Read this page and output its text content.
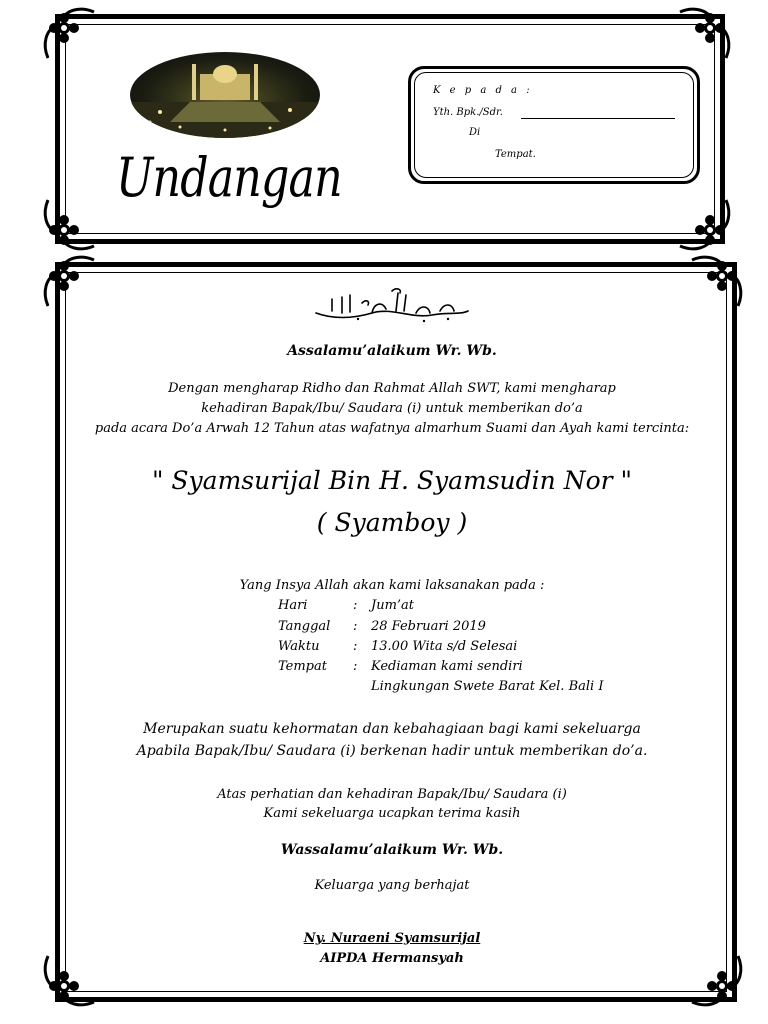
Undangan
K e p a d a :
Yth. Bpk./Sdr.
Di
Tempat.
Assalamu’alaikum Wr. Wb.
Dengan mengharap Ridho dan Rahmat Allah SWT, kami mengharap
kehadiran Bapak/Ibu/ Saudara (i) untuk memberikan do’a
pada acara Do’a Arwah 12 Tahun atas wafatnya almarhum Suami dan Ayah kami tercinta:
" Syamsurijal Bin H. Syamsudin Nor "
( Syamboy )
Yang Insya Allah akan kami laksanakan pada :
Hari	: Jum’at
Tanggal : 28 Februari 2019
Waktu	: 13.00 Wita s/d Selesai
Tempat : Kediaman kami sendiri
Lingkungan Swete Barat Kel. Bali I
Merupakan suatu kehormatan dan kebahagiaan bagi kami sekeluarga
Apabila Bapak/Ibu/ Saudara (i) berkenan hadir untuk memberikan do’a.
Atas perhatian dan kehadiran Bapak/Ibu/ Saudara (i)
Kami sekeluarga ucapkan terima kasih
Wassalamu’alaikum Wr. Wb.
Keluarga yang berhajat
Ny. Nuraeni Syamsurijal
AIPDA Hermansyah
